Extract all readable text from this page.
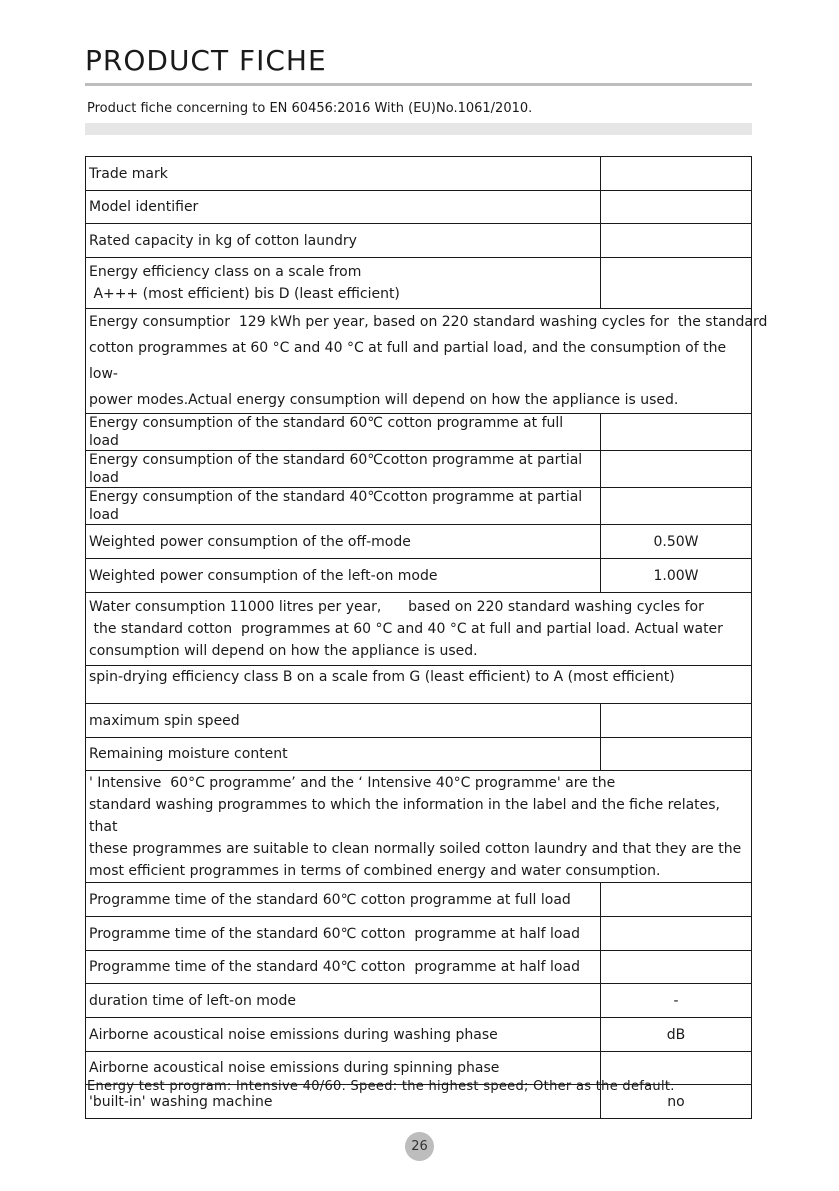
PRODUCT FICHE
Product fiche concerning to EN 60456:2016 With (EU)No.1061/2010.
Trade mark	
Model identifier	
Rated capacity in kg of cotton laundry	

Energy efficiency class on a scale from
A+++ (most efficient) bis D (least efficient)	

Energy consumptior  129 kWh per year, based on 220 standard washing cycles for  the standard
cotton programmes at 60 °C and 40 °C at full and partial load, and the consumption of the low-
power modes.Actual energy consumption will depend on how the appliance is used.	

Energy consumption of the standard 60℃ cotton programme at full load	
Energy consumption of the standard 60℃cotton programme at partial load	
Energy consumption of the standard 40℃cotton programme at partial load	
Weighted power consumption of the off-mode	0.50W
Weighted power consumption of the left-on mode	1.00W

Water consumption 11000 litres per year,      based on 220 standard washing cycles for
the standard cotton  programmes at 60 °C and 40 °C at full and partial load. Actual water
consumption will depend on how the appliance is used.	

spin-drying efficiency class B on a scale from G (least efficient) to A (most efficient)	
maximum spin speed	
Remaining moisture content	

' Intensive  60°C programme’ and the ‘ Intensive 40°C programme' are the
standard washing programmes to which the information in the label and the fiche relates, that
these programmes are suitable to clean normally soiled cotton laundry and that they are the
most efficient programmes in terms of combined energy and water consumption.	

Programme time of the standard 60℃ cotton programme at full load	
Programme time of the standard 60℃ cotton  programme at half load	
Programme time of the standard 40℃ cotton  programme at half load	
duration time of left-on mode	-
Airborne acoustical noise emissions during washing phase	dB
Airborne acoustical noise emissions during spinning phase	
'built-in' washing machine	no
Energy test program: Intensive 40/60. Speed: the highest speed; Other as the default.
26
